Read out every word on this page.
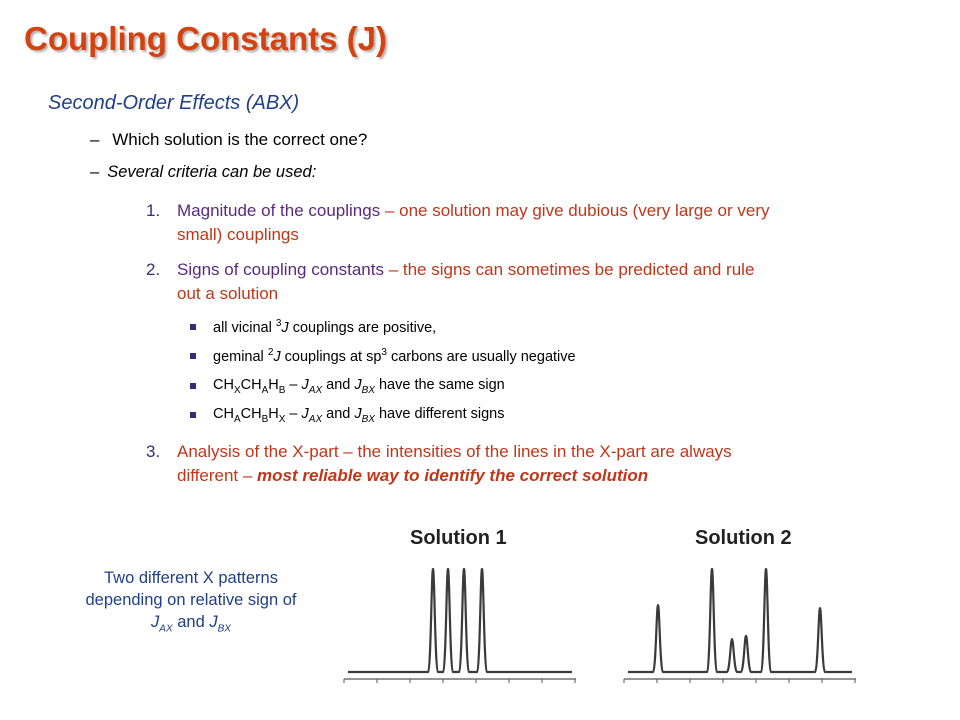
Coupling Constants (J)
Second-Order Effects (ABX)
– Which solution is the correct one?
– Several criteria can be used:
1. Magnitude of the couplings – one solution may give dubious (very large or very
small) couplings
2. Signs of coupling constants – the signs can sometimes be predicted and rule
out a solution
all vicinal $^3$J couplings are positive,
geminal $^2$J couplings at $sp^3$ carbons are usually negative
$CH_XCH_AH_B - J_{AX}$ and $J_{BX}$ have the same sign
$CH_ACH_BH_X - J_{AX}$ and $J_{BX}$ have different signs
3. Analysis of the X-part – the intensities of the lines in the X-part are always
different – most reliable way to identify the correct solution
Two different X patterns
depending on relative sign of
$J_{AX}$ and $J_{BX}$
Solution 1	Solution 2
